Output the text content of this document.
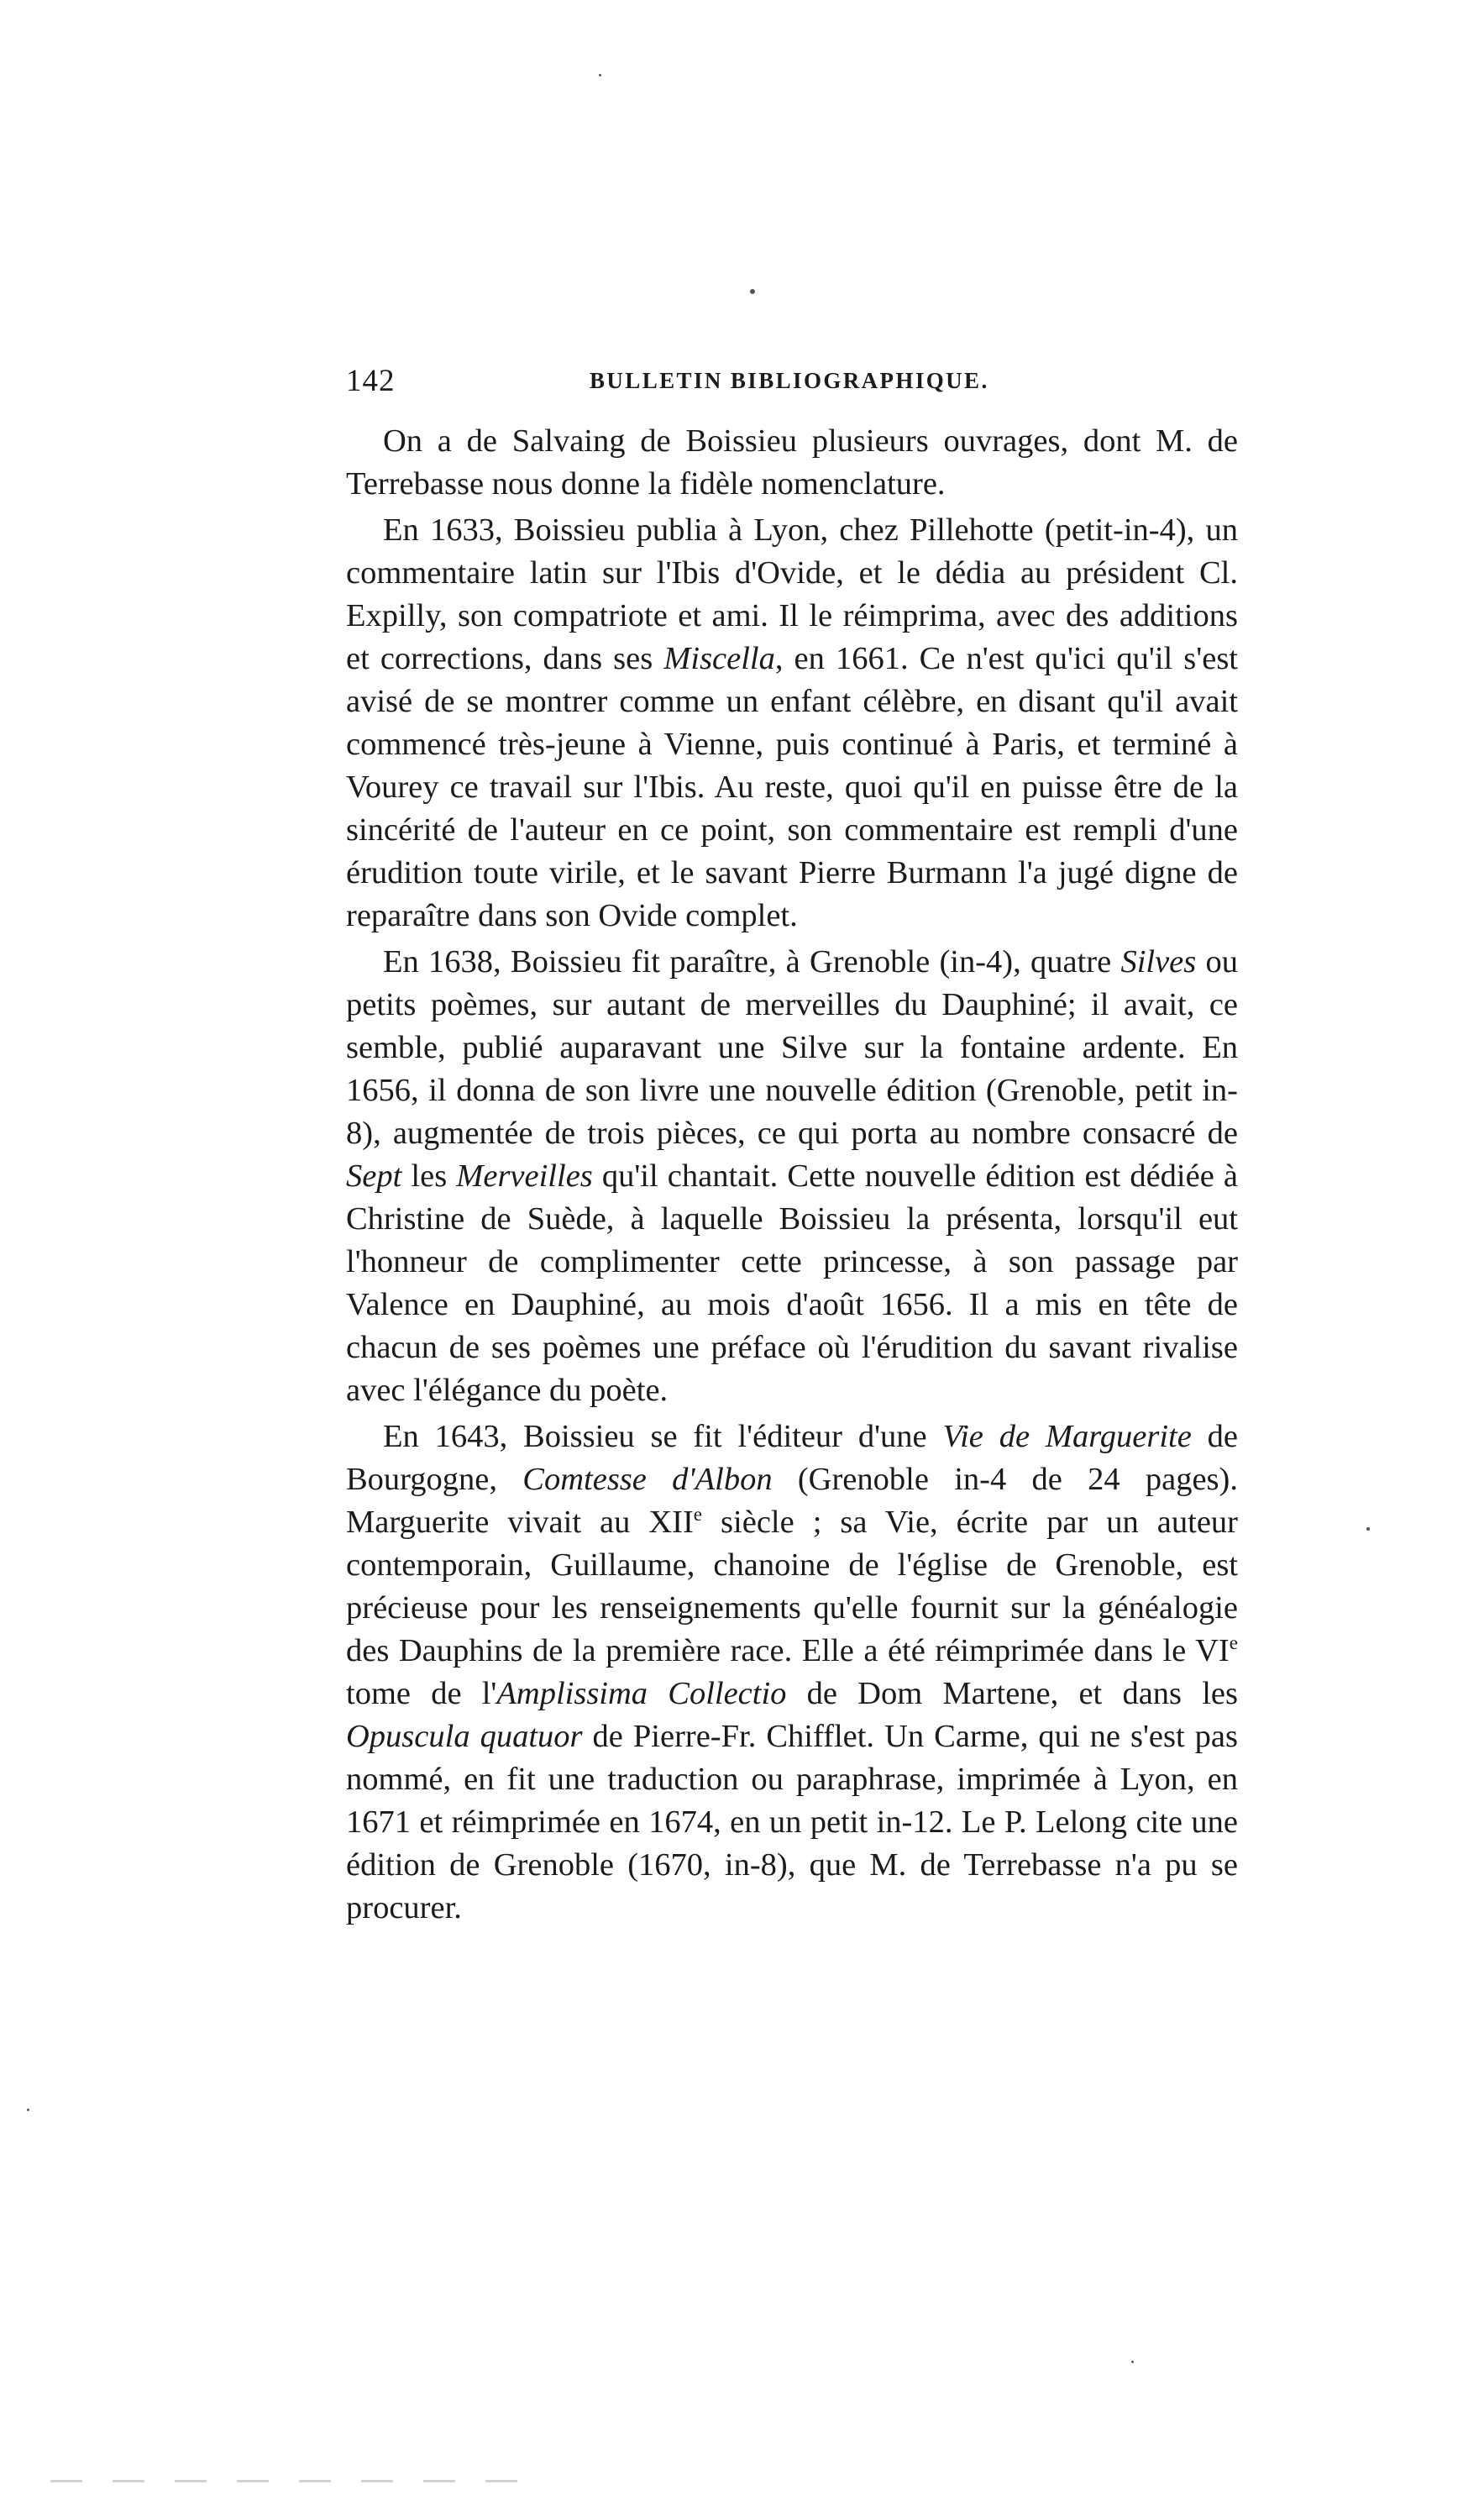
142	BULLETIN BIBLIOGRAPHIQUE.

On a de Salvaing de Boissieu plusieurs ouvrages, dont M. de Terrebasse nous donne la fidèle nomenclature.

En 1633, Boissieu publia à Lyon, chez Pillehotte (petit-in-4), un commentaire latin sur l'Ibis d'Ovide, et le dédia au président Cl. Expilly, son compatriote et ami. Il le réimprima, avec des additions et corrections, dans ses Miscella, en 1661. Ce n'est qu'ici qu'il s'est avisé de se montrer comme un enfant célèbre, en disant qu'il avait commencé très-jeune à Vienne, puis continué à Paris, et terminé à Vourey ce travail sur l'Ibis. Au reste, quoi qu'il en puisse être de la sincérité de l'auteur en ce point, son commentaire est rempli d'une érudition toute virile, et le savant Pierre Burmann l'a jugé digne de reparaître dans son Ovide complet.

En 1638, Boissieu fit paraître, à Grenoble (in-4), quatre Silves ou petits poèmes, sur autant de merveilles du Dauphiné; il avait, ce semble, publié auparavant une Silve sur la fontaine ardente. En 1656, il donna de son livre une nouvelle édition (Grenoble, petit in-8), augmentée de trois pièces, ce qui porta au nombre consacré de Sept les Merveilles qu'il chantait. Cette nouvelle édition est dédiée à Christine de Suède, à laquelle Boissieu la présenta, lorsqu'il eut l'honneur de complimenter cette princesse, à son passage par Valence en Dauphiné, au mois d'août 1656. Il a mis en tête de chacun de ses poèmes une préface où l'érudition du savant rivalise avec l'élégance du poète.

En 1643, Boissieu se fit l'éditeur d'une Vie de Marguerite de Bourgogne, Comtesse d'Albon (Grenoble in-4 de 24 pages). Marguerite vivait au XIIe siècle ; sa Vie, écrite par un auteur contemporain, Guillaume, chanoine de l'église de Grenoble, est précieuse pour les renseignements qu'elle fournit sur la généalogie des Dauphins de la première race. Elle a été réimprimée dans le VIe tome de l'Amplissima Collectio de Dom Martene, et dans les Opuscula quatuor de Pierre-Fr. Chifflet. Un Carme, qui ne s'est pas nommé, en fit une traduction ou paraphrase, imprimée à Lyon, en 1671 et réimprimée en 1674, en un petit in-12. Le P. Lelong cite une édition de Grenoble (1670, in-8), que M. de Terrebasse n'a pu se procurer.
